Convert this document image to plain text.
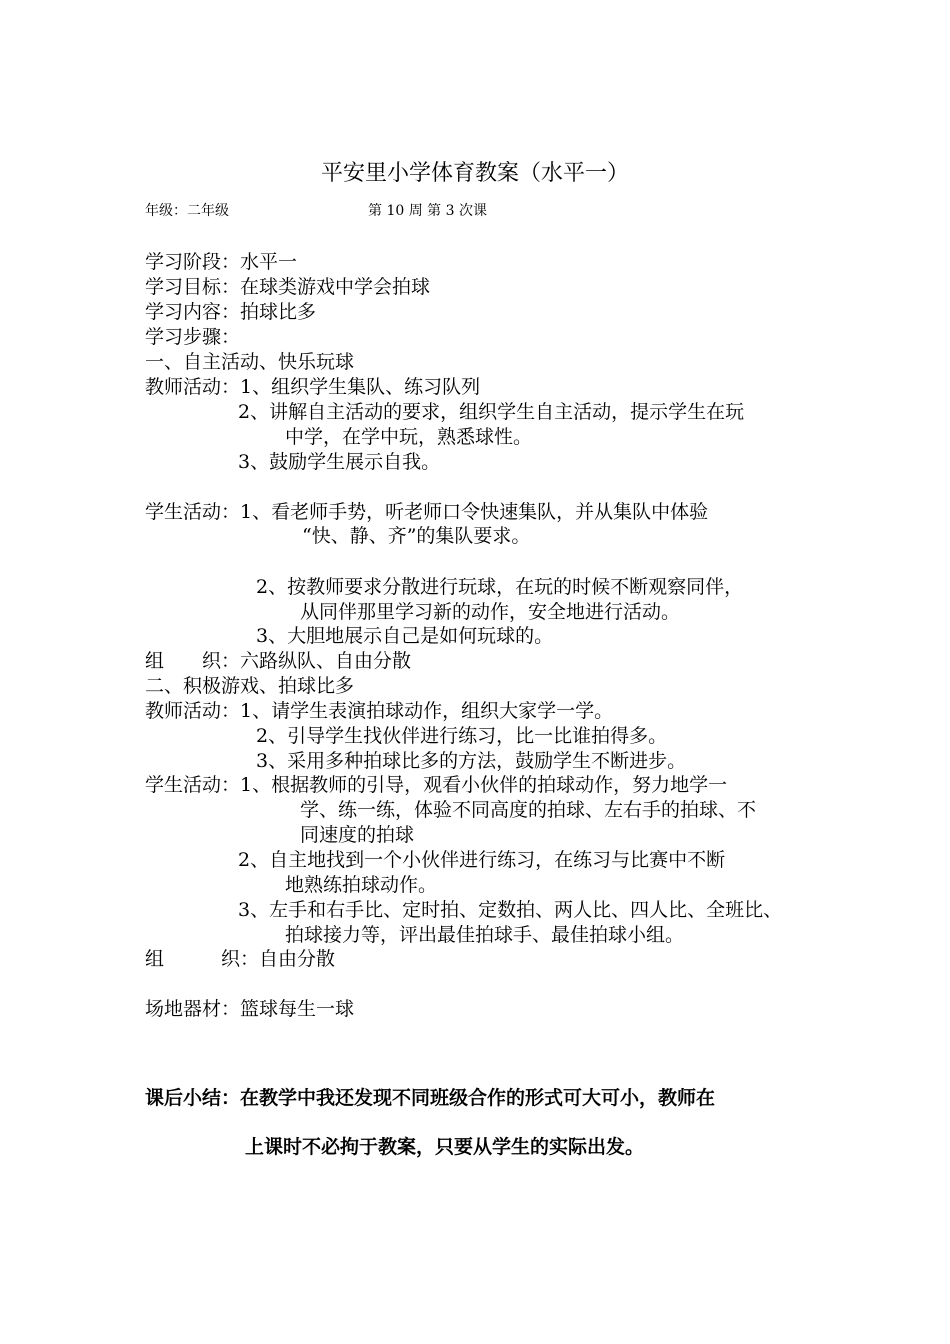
平安里小学体育教案（水平一）
年级：二年级	第 10 周 第 3 次课
学习阶段：水平一
学习目标：在球类游戏中学会拍球
学习内容：拍球比多
学习步骤：
一、自主活动、快乐玩球
教师活动：1、组织学生集队、练习队列
2、讲解自主活动的要求，组织学生自主活动，提示学生在玩
中学，在学中玩，熟悉球性。
3、鼓励学生展示自我。
学生活动：1、看老师手势，听老师口令快速集队，并从集队中体验
“快、静、齐”的集队要求。
2、按教师要求分散进行玩球，在玩的时候不断观察同伴，
从同伴那里学习新的动作，安全地进行活动。
3、大胆地展示自己是如何玩球的。
组　　织：六路纵队、自由分散
二、积极游戏、拍球比多
教师活动：1、请学生表演拍球动作，组织大家学一学。
2、引导学生找伙伴进行练习，比一比谁拍得多。
3、采用多种拍球比多的方法，鼓励学生不断进步。
学生活动：1、根据教师的引导，观看小伙伴的拍球动作，努力地学一
学、练一练，体验不同高度的拍球、左右手的拍球、不
同速度的拍球
2、自主地找到一个小伙伴进行练习，在练习与比赛中不断
地熟练拍球动作。
3、左手和右手比、定时拍、定数拍、两人比、四人比、全班比、
拍球接力等，评出最佳拍球手、最佳拍球小组。
组　　　织：自由分散
场地器材：篮球每生一球
课后小结：在教学中我还发现不同班级合作的形式可大可小，教师在
上课时不必拘于教案，只要从学生的实际出发。
